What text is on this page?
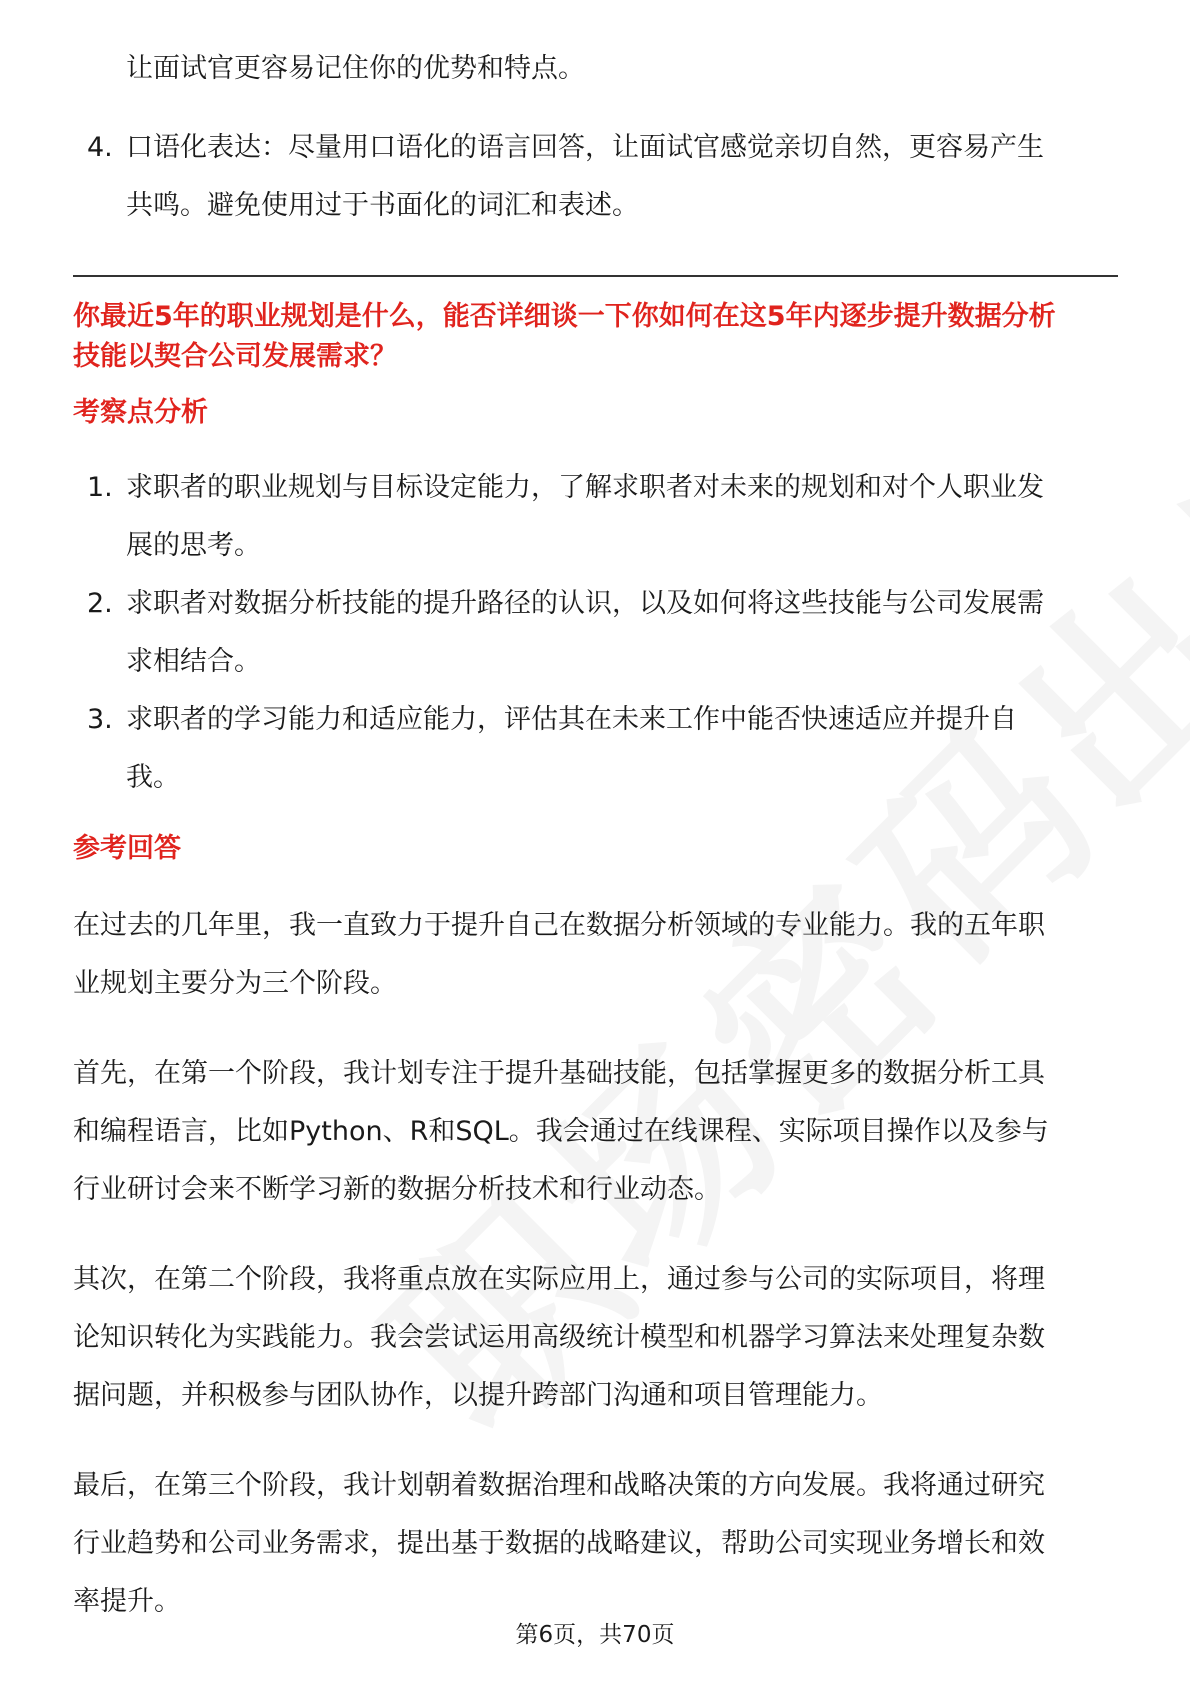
让面试官更容易记住你的优势和特点。

4. 口语化表达：尽量用口语化的语言回答，让面试官感觉亲切自然，更容易产生
共鸣。避免使用过于书面化的词汇和表述。

你最近5年的职业规划是什么，能否详细谈一下你如何在这5年内逐步提升数据分析

技能以契合公司发展需求？

考察点分析

1. 求职者的职业规划与目标设定能力，了解求职者对未来的规划和对个人职业发
展的思考。
2. 求职者对数据分析技能的提升路径的认识，以及如何将这些技能与公司发展需
求相结合。
3. 求职者的学习能力和适应能力，评估其在未来工作中能否快速适应并提升自
我。

参考回答

在过去的几年里，我一直致力于提升自己在数据分析领域的专业能力。我的五年职

业规划主要分为三个阶段。

首先，在第一个阶段，我计划专注于提升基础技能，包括掌握更多的数据分析工具

和编程语言，比如Python、R和SQL。我会通过在线课程、实际项目操作以及参与

行业研讨会来不断学习新的数据分析技术和行业动态。

其次，在第二个阶段，我将重点放在实际应用上，通过参与公司的实际项目，将理

论知识转化为实践能力。我会尝试运用高级统计模型和机器学习算法来处理复杂数

据问题，并积极参与团队协作，以提升跨部门沟通和项目管理能力。

最后，在第三个阶段，我计划朝着数据治理和战略决策的方向发展。我将通过研究

行业趋势和公司业务需求，提出基于数据的战略建议，帮助公司实现业务增长和效

率提升。

第6页，共70页
